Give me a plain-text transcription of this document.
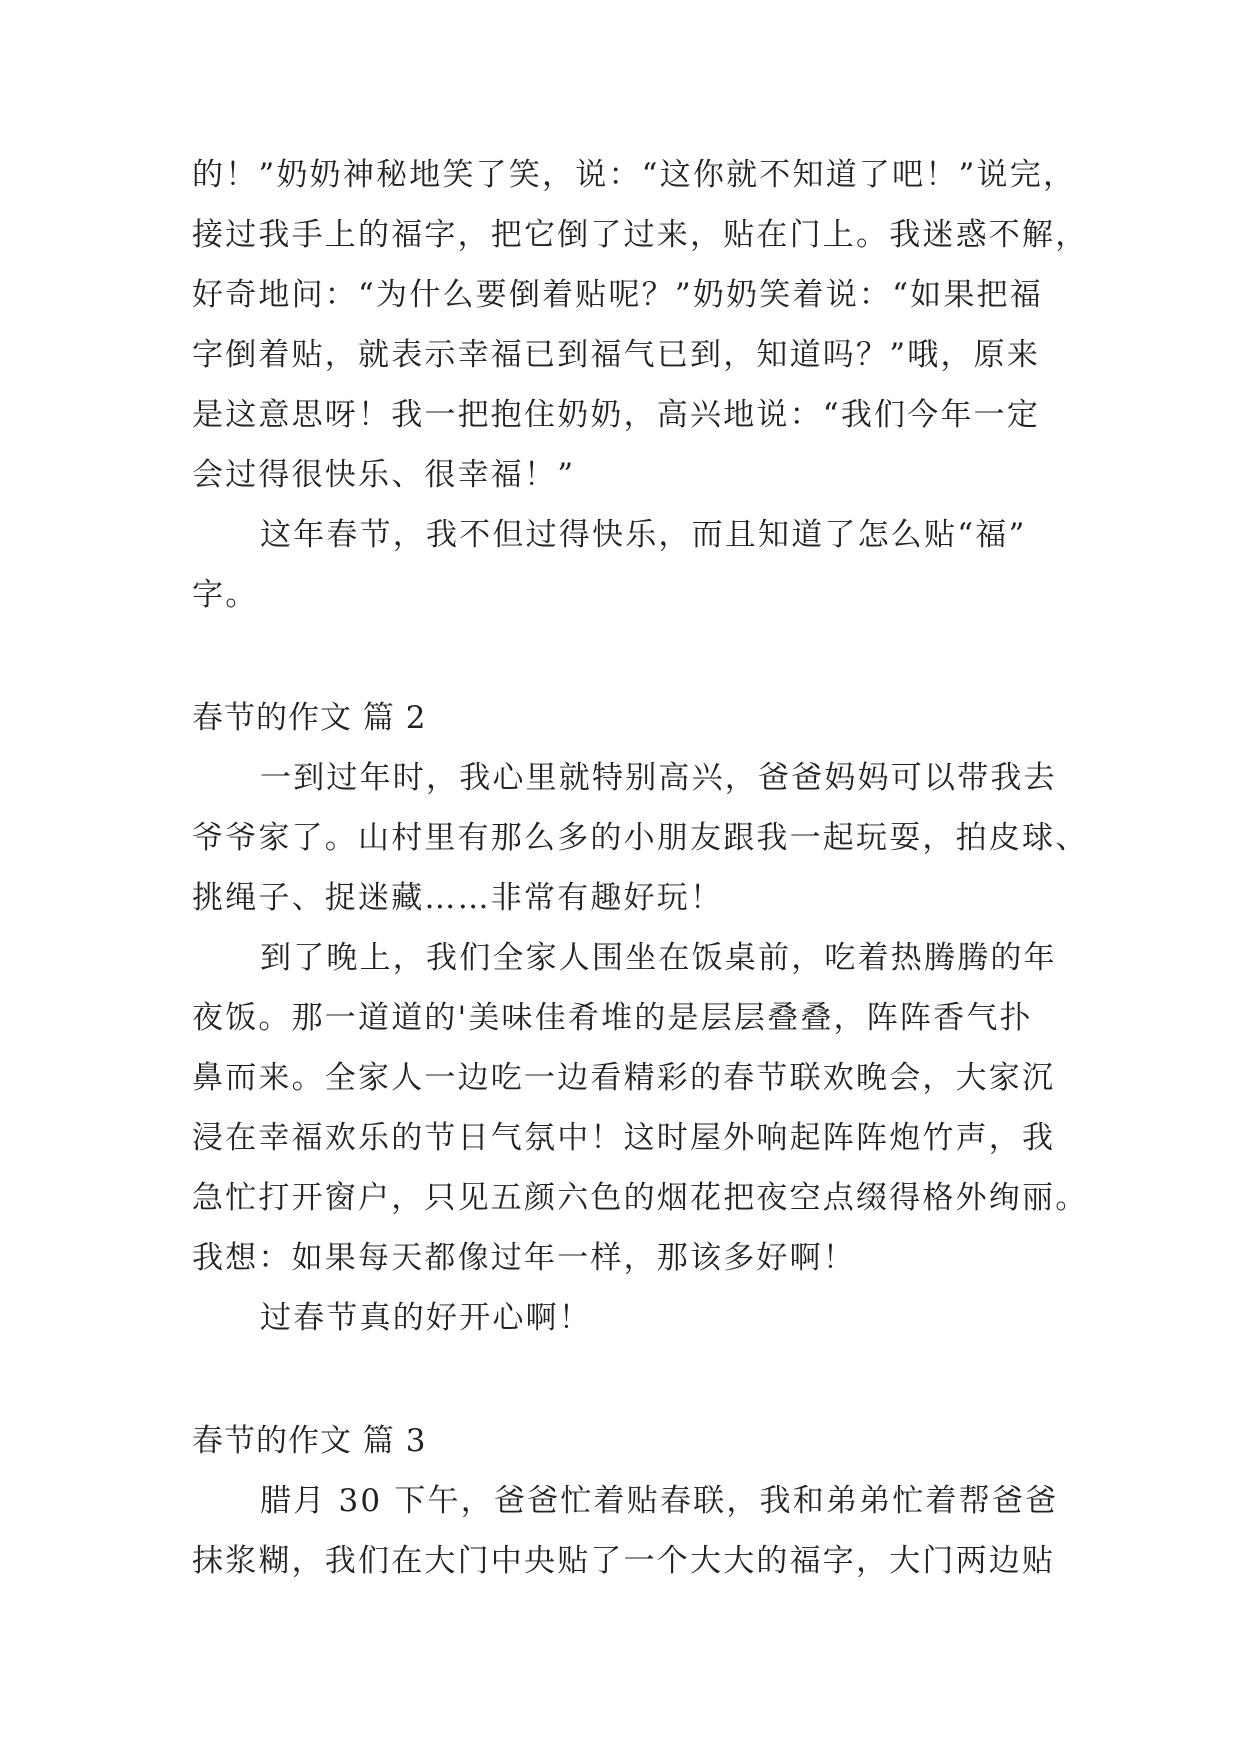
的！”奶奶神秘地笑了笑，说：“这你就不知道了吧！”说完，
接过我手上的福字，把它倒了过来，贴在门上。我迷惑不解，
好奇地问：“为什么要倒着贴呢？”奶奶笑着说：“如果把福
字倒着贴，就表示幸福已到福气已到，知道吗？”哦，原来
是这意思呀！我一把抱住奶奶，高兴地说：“我们今年一定
会过得很快乐、很幸福！”
这年春节，我不但过得快乐，而且知道了怎么贴“福”
字。
春节的作文 篇 2
一到过年时，我心里就特别高兴，爸爸妈妈可以带我去
爷爷家了。山村里有那么多的小朋友跟我一起玩耍，拍皮球、
挑绳子、捉迷藏……非常有趣好玩！
到了晚上，我们全家人围坐在饭桌前，吃着热腾腾的年
夜饭。那一道道的'美味佳肴堆的是层层叠叠，阵阵香气扑
鼻而来。全家人一边吃一边看精彩的春节联欢晚会，大家沉
浸在幸福欢乐的节日气氛中！这时屋外响起阵阵炮竹声，我
急忙打开窗户，只见五颜六色的烟花把夜空点缀得格外绚丽。
我想：如果每天都像过年一样，那该多好啊！
过春节真的好开心啊！
春节的作文 篇 3
腊月 30 下午，爸爸忙着贴春联，我和弟弟忙着帮爸爸
抹浆糊，我们在大门中央贴了一个大大的福字，大门两边贴
